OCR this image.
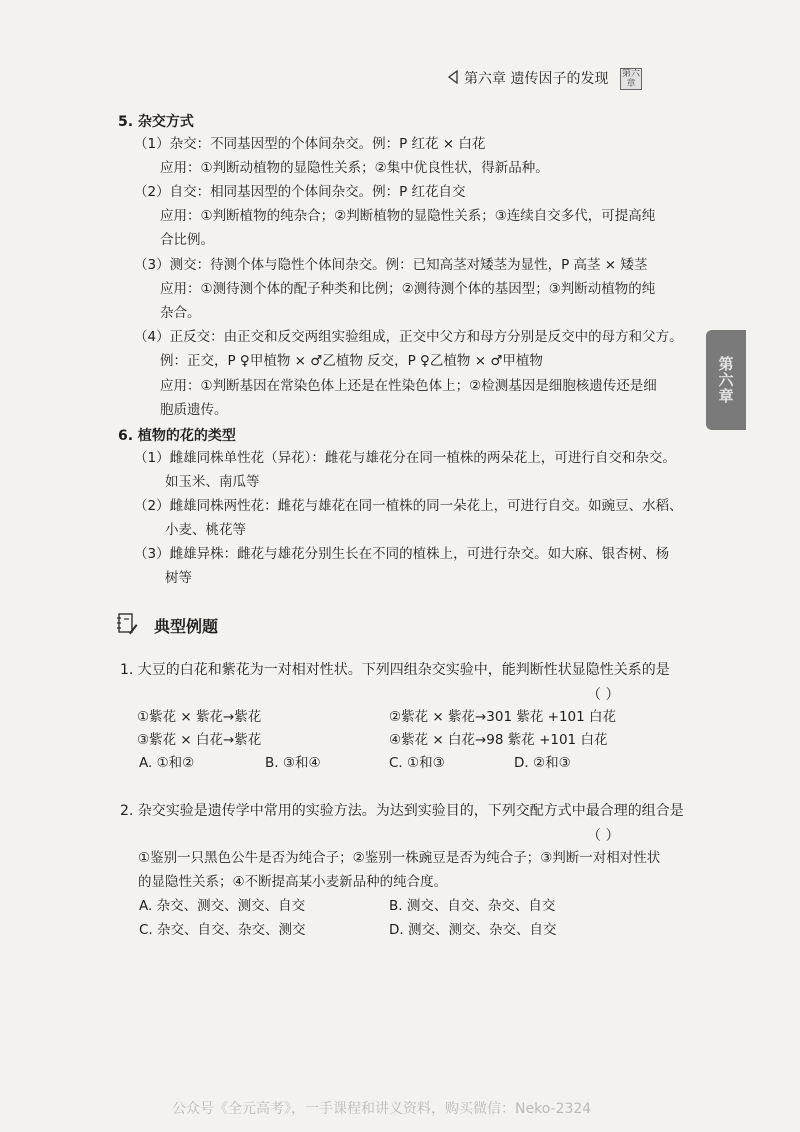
第六章 遗传因子的发现 第六章
第六章
5. 杂交方式
（1）杂交：不同基因型的个体间杂交。例：P 红花 × 白花
应用：①判断动植物的显隐性关系；②集中优良性状，得新品种。
（2）自交：相同基因型的个体间杂交。例：P 红花自交
应用：①判断植物的纯杂合；②判断植物的显隐性关系；③连续自交多代，可提高纯
合比例。
（3）测交：待测个体与隐性个体间杂交。例：已知高茎对矮茎为显性，P 高茎 × 矮茎
应用：①测待测个体的配子种类和比例；②测待测个体的基因型；③判断动植物的纯
杂合。
（4）正反交：由正交和反交两组实验组成，正交中父方和母方分别是反交中的母方和父方。
例：正交，P ♀甲植物 × ♂乙植物 反交，P ♀乙植物 × ♂甲植物
应用：①判断基因在常染色体上还是在性染色体上；②检测基因是细胞核遗传还是细
胞质遗传。
6. 植物的花的类型
（1）雌雄同株单性花（异花）：雌花与雄花分在同一植株的两朵花上，可进行自交和杂交。
如玉米、南瓜等
（2）雌雄同株两性花：雌花与雄花在同一植株的同一朵花上，可进行自交。如豌豆、水稻、
小麦、桃花等
（3）雌雄异株：雌花与雄花分别生长在不同的植株上，可进行杂交。如大麻、银杏树、杨
树等
典型例题
1. 大豆的白花和紫花为一对相对性状。下列四组杂交实验中，能判断性状显隐性关系的是
（ ）
①紫花 × 紫花→紫花	②紫花 × 紫花→301 紫花 +101 白花
③紫花 × 白花→紫花	④紫花 × 白花→98 紫花 +101 白花
A. ①和②	B. ③和④	C. ①和③	D. ②和③
2. 杂交实验是遗传学中常用的实验方法。为达到实验目的，下列交配方式中最合理的组合是
（ ）
①鉴别一只黑色公牛是否为纯合子；②鉴别一株豌豆是否为纯合子；③判断一对相对性状
的显隐性关系；④不断提高某小麦新品种的纯合度。
A. 杂交、测交、测交、自交	B. 测交、自交、杂交、自交
C. 杂交、自交、杂交、测交	D. 测交、测交、杂交、自交
公众号《全元高考》，一手课程和讲义资料，购买微信：Neko-2324
